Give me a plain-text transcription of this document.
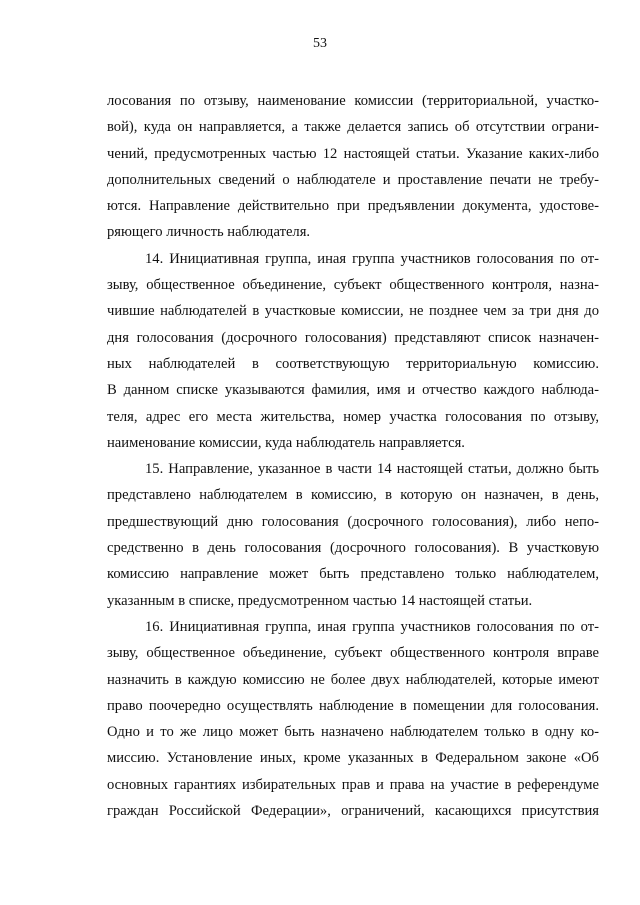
53
лосования по отзыву, наименование комиссии (территориальной, участко-
вой), куда он направляется, а также делается запись об отсутствии ограни-
чений, предусмотренных частью 12 настоящей статьи. Указание каких-либо
дополнительных сведений о наблюдателе и проставление печати не требу-
ются. Направление действительно при предъявлении документа, удостове-
ряющего личность наблюдателя.
14. Инициативная группа, иная группа участников голосования по от-
зыву, общественное объединение, субъект общественного контроля, назна-
чившие наблюдателей в участковые комиссии, не позднее чем за три дня до
дня голосования (досрочного голосования) представляют список назначен-
ных наблюдателей в соответствующую территориальную комиссию.
В данном списке указываются фамилия, имя и отчество каждого наблюда-
теля, адрес его места жительства, номер участка голосования по отзыву,
наименование комиссии, куда наблюдатель направляется.
15. Направление, указанное в части 14 настоящей статьи, должно быть
представлено наблюдателем в комиссию, в которую он назначен, в день,
предшествующий дню голосования (досрочного голосования), либо непо-
средственно в день голосования (досрочного голосования). В участковую
комиссию направление может быть представлено только наблюдателем,
указанным в списке, предусмотренном частью 14 настоящей статьи.
16. Инициативная группа, иная группа участников голосования по от-
зыву, общественное объединение, субъект общественного контроля вправе
назначить в каждую комиссию не более двух наблюдателей, которые имеют
право поочередно осуществлять наблюдение в помещении для голосования.
Одно и то же лицо может быть назначено наблюдателем только в одну ко-
миссию. Установление иных, кроме указанных в Федеральном законе «Об
основных гарантиях избирательных прав и права на участие в референдуме
граждан Российской Федерации», ограничений, касающихся присутствия
